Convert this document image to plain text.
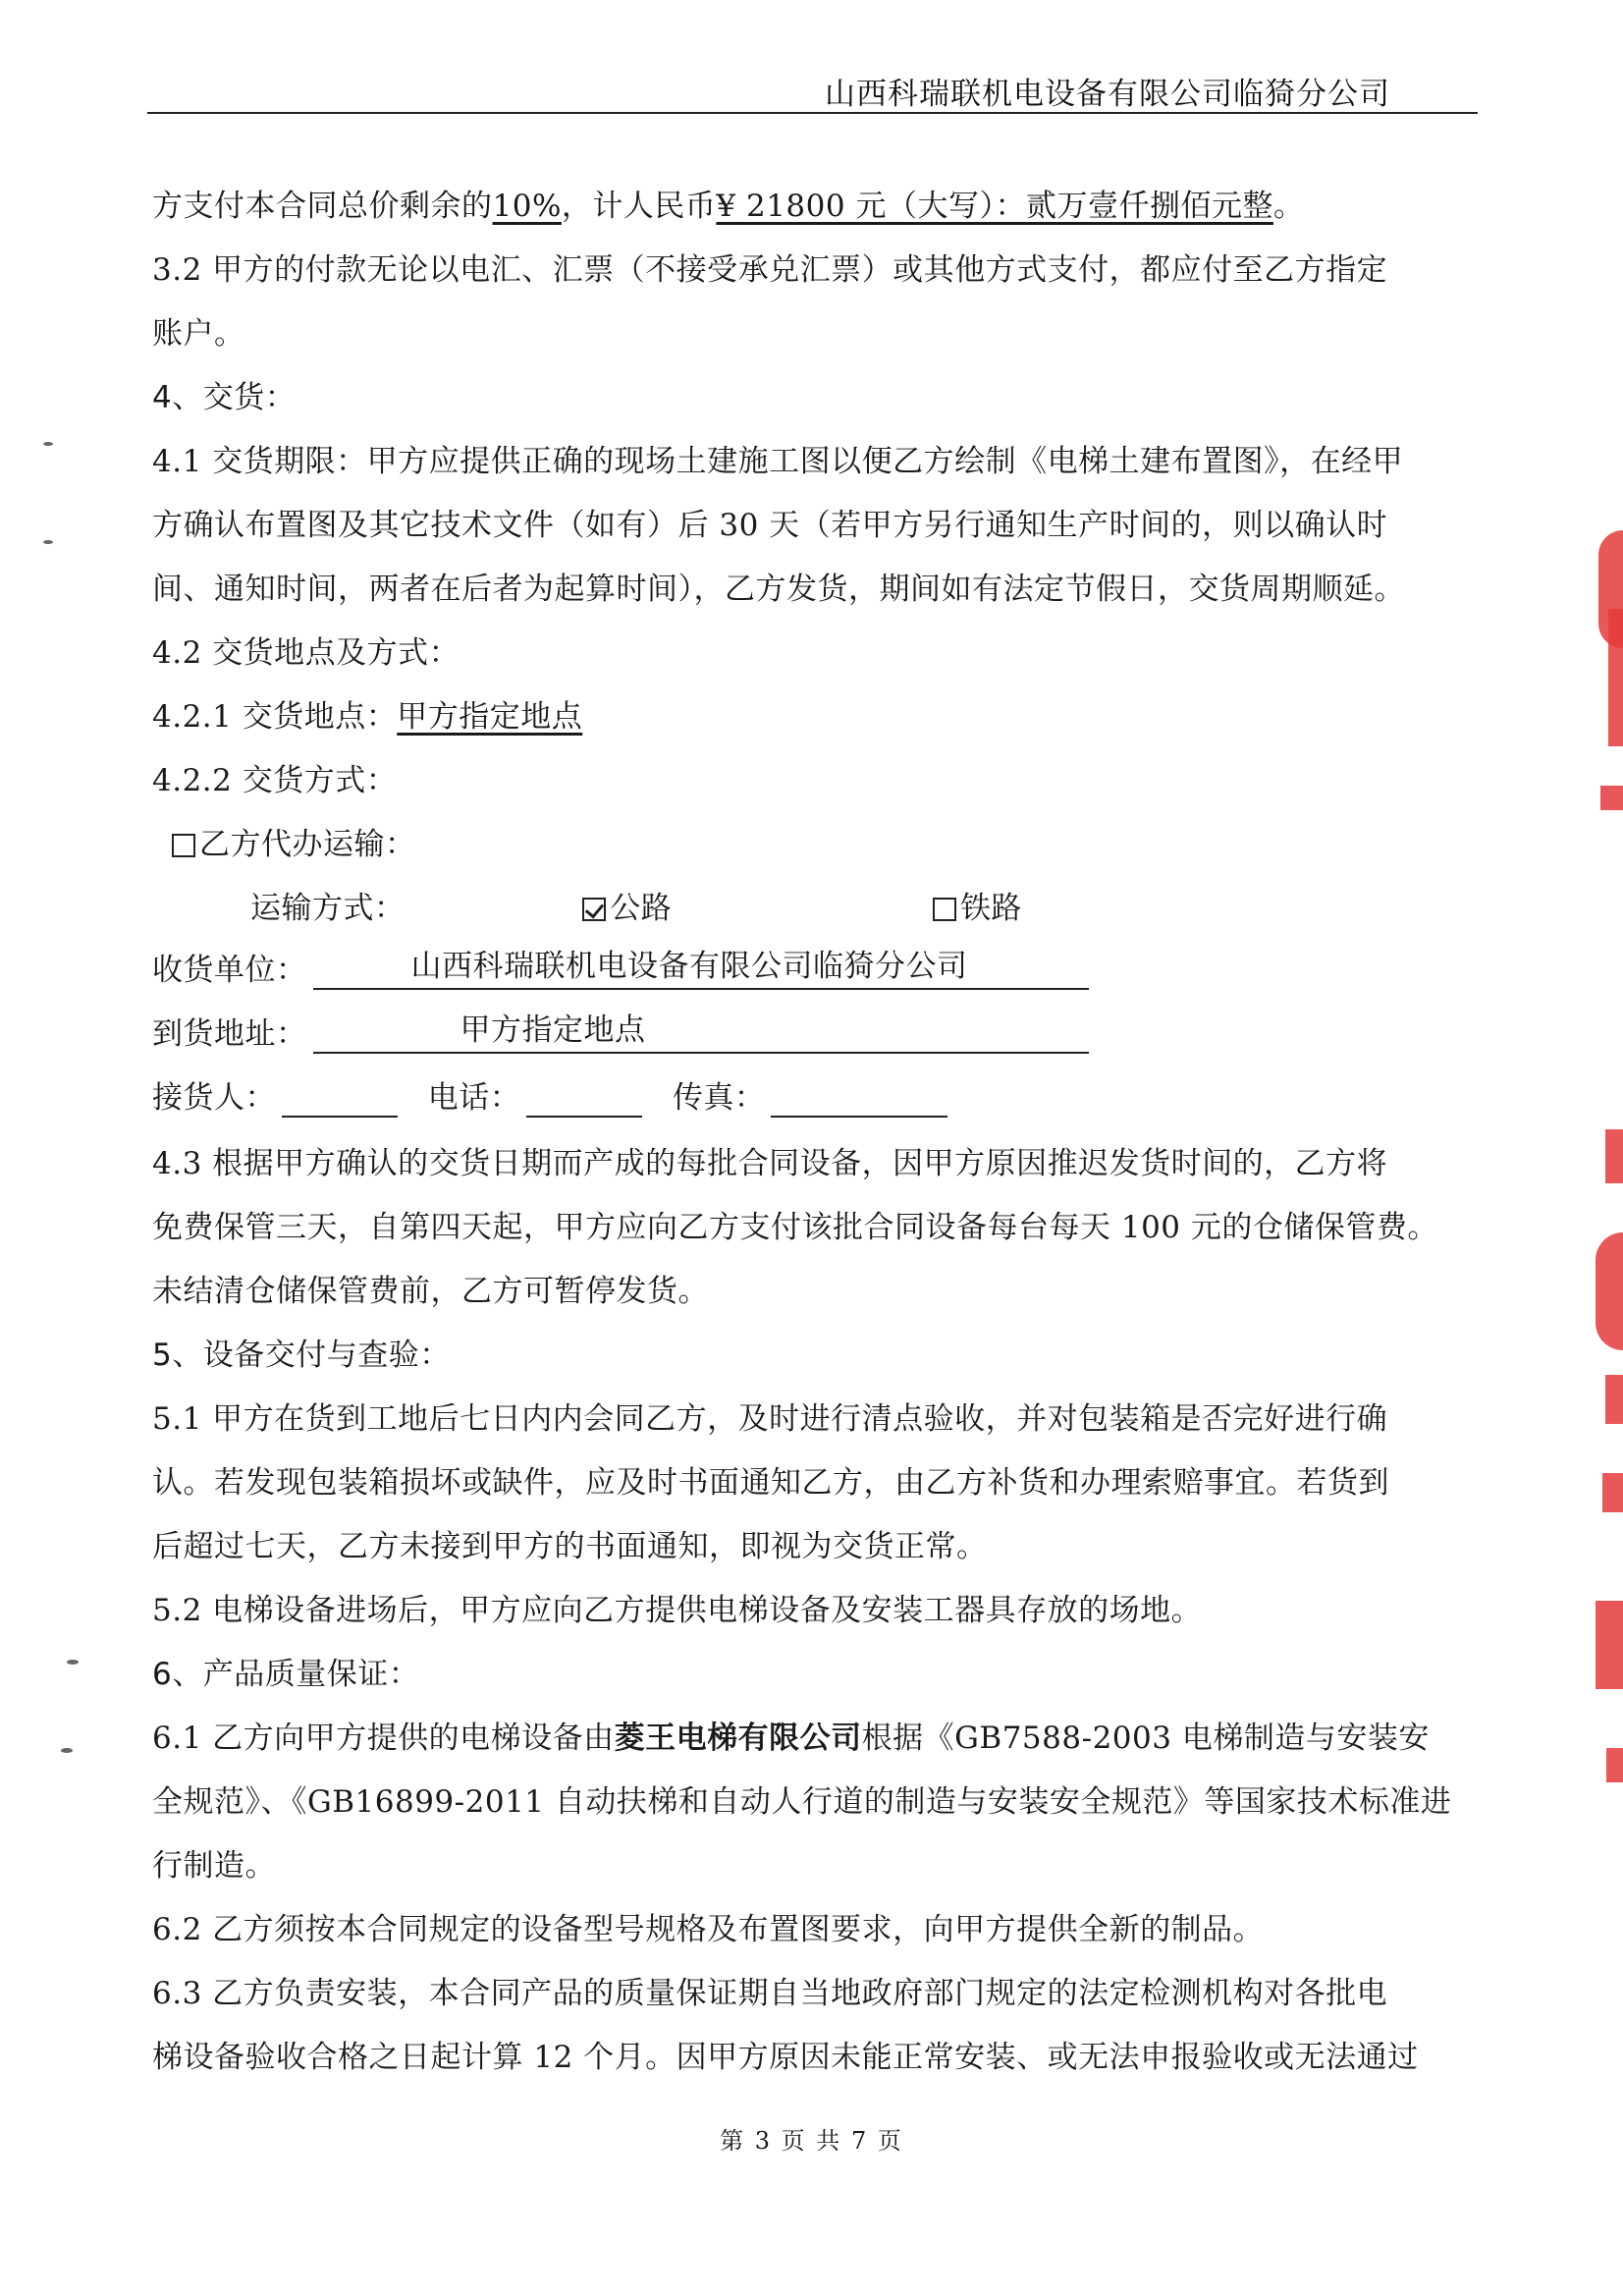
山西科瑞联机电设备有限公司临猗分公司
方支付本合同总价剩余的10%，计人民币¥ 21800 元（大写）：贰万壹仟捌佰元整。
3.2 甲方的付款无论以电汇、汇票（不接受承兑汇票）或其他方式支付，都应付至乙方指定
账户。
4、交货：
4.1 交货期限：甲方应提供正确的现场土建施工图以便乙方绘制《电梯土建布置图》，在经甲
方确认布置图及其它技术文件（如有）后 30 天（若甲方另行通知生产时间的，则以确认时
间、通知时间，两者在后者为起算时间），乙方发货，期间如有法定节假日，交货周期顺延。
4.2 交货地点及方式：
4.2.1 交货地点：甲方指定地点
4.2.2 交货方式：
乙方代办运输：
运输方式：	公路	铁路
收货单位：	山西科瑞联机电设备有限公司临猗分公司
到货地址：	甲方指定地点
接货人：	电话：	传真：
4.3 根据甲方确认的交货日期而产成的每批合同设备，因甲方原因推迟发货时间的，乙方将
免费保管三天，自第四天起，甲方应向乙方支付该批合同设备每台每天 100 元的仓储保管费。
未结清仓储保管费前，乙方可暂停发货。
5、设备交付与查验：
5.1 甲方在货到工地后七日内内会同乙方，及时进行清点验收，并对包装箱是否完好进行确
认。若发现包装箱损坏或缺件，应及时书面通知乙方，由乙方补货和办理索赔事宜。若货到
后超过七天，乙方未接到甲方的书面通知，即视为交货正常。
5.2 电梯设备进场后，甲方应向乙方提供电梯设备及安装工器具存放的场地。
6、产品质量保证：
6.1 乙方向甲方提供的电梯设备由菱王电梯有限公司根据《GB7588-2003 电梯制造与安装安
全规范》、《GB16899-2011 自动扶梯和自动人行道的制造与安装安全规范》等国家技术标准进
行制造。
6.2 乙方须按本合同规定的设备型号规格及布置图要求，向甲方提供全新的制品。
6.3 乙方负责安装，本合同产品的质量保证期自当地政府部门规定的法定检测机构对各批电
梯设备验收合格之日起计算 12 个月。因甲方原因未能正常安装、或无法申报验收或无法通过
第 3 页 共 7 页
